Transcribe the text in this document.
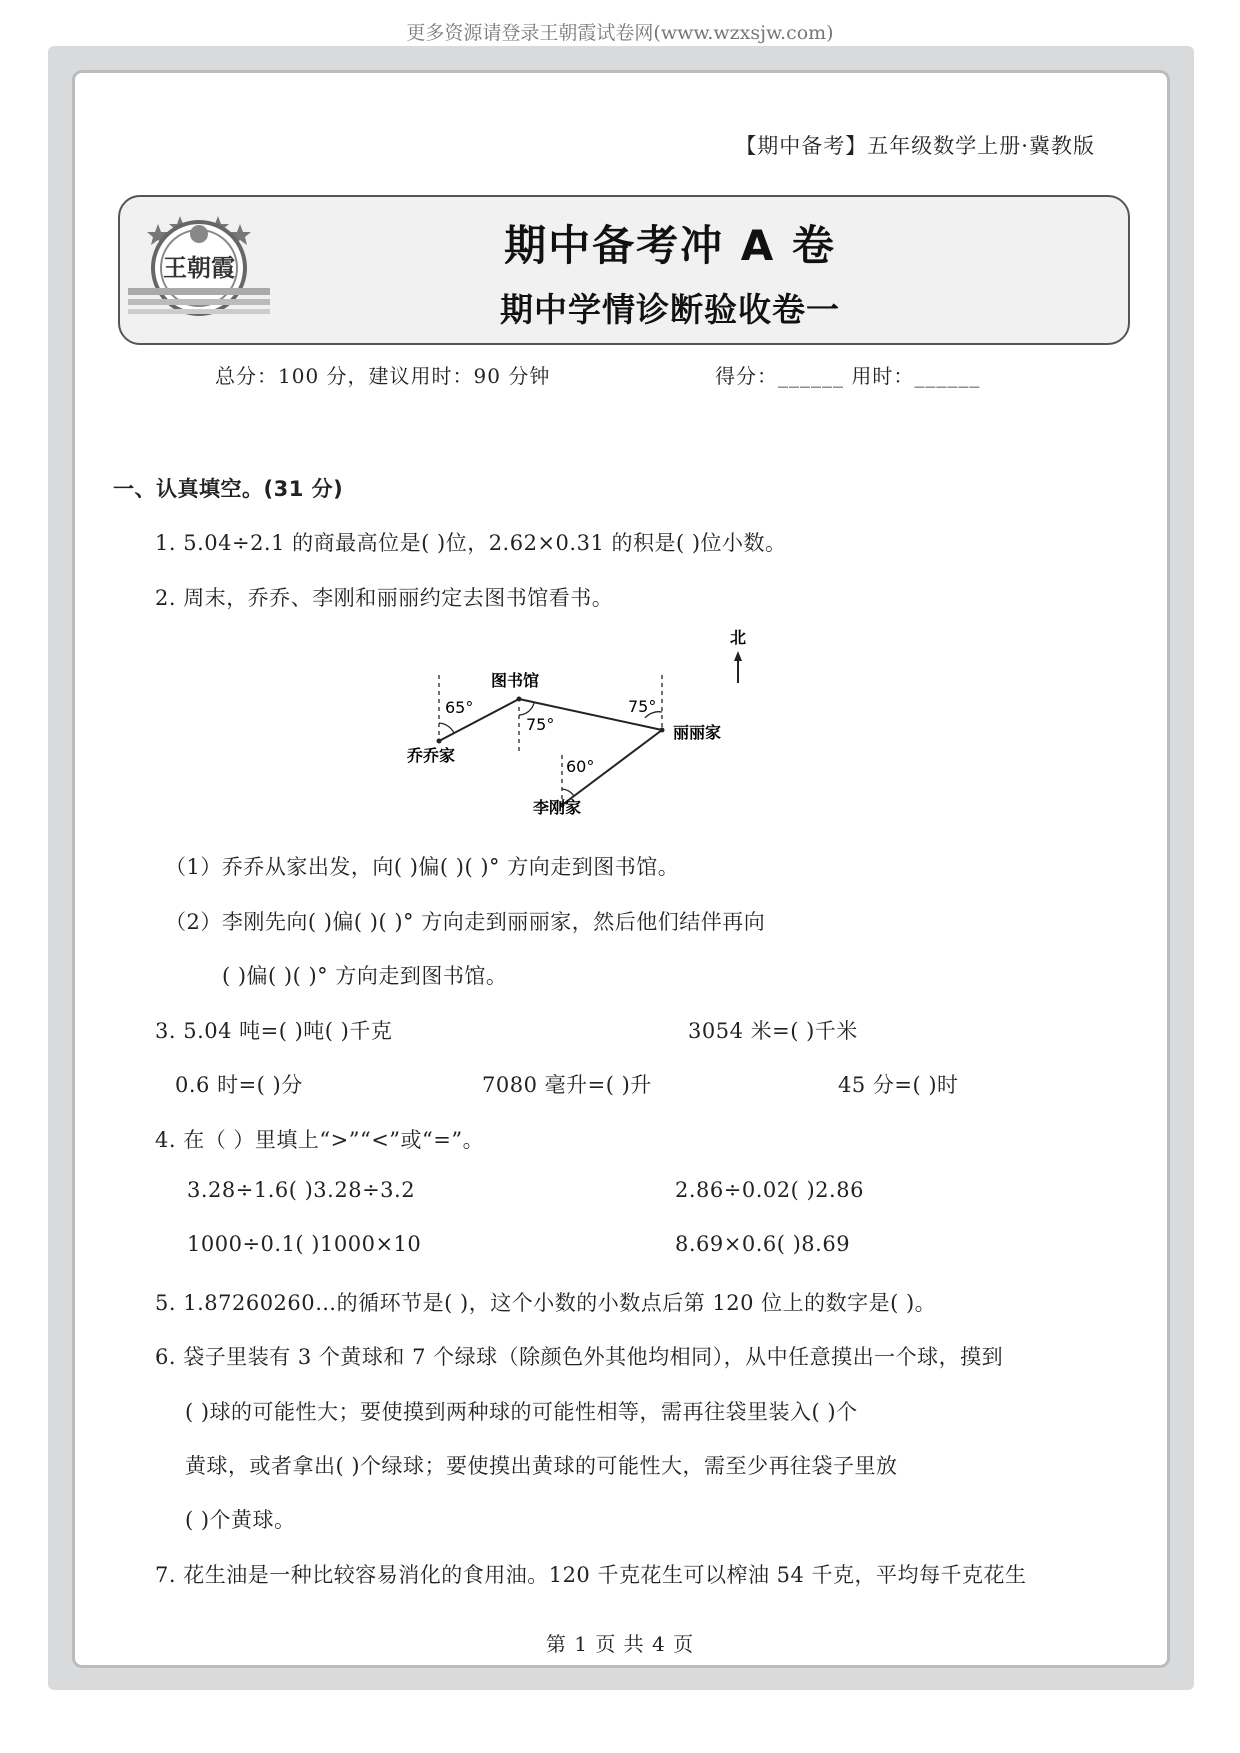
更多资源请登录王朝霞试卷网(www.wzxsjw.com)
【期中备考】五年级数学上册·冀教版
王朝霞	期中备考冲 A 卷
期中学情诊断验收卷一
总分：100 分，建议用时：90 分钟	得分：______ 用时：______
一、认真填空。(31 分)
1. 5.04÷2.1 的商最高位是( )位，2.62×0.31 的积是( )位小数。
2. 周末，乔乔、李刚和丽丽约定去图书馆看书。
北
65°
75°
75°
60°
图书馆
乔乔家
丽丽家
李刚家
（1）乔乔从家出发，向( )偏( )( )° 方向走到图书馆。
（2）李刚先向( )偏( )( )° 方向走到丽丽家，然后他们结伴再向
( )偏( )( )° 方向走到图书馆。
3. 5.04 吨=( )吨( )千克	3054 米=( )千米
0.6 时=( )分	7080 毫升=( )升	45 分=( )时
4. 在（ ）里填上“>”“<”或“=”。
3.28÷1.6( )3.28÷3.2	2.86÷0.02( )2.86
1000÷0.1( )1000×10	8.69×0.6( )8.69
5. 1.87260260…的循环节是( )，这个小数的小数点后第 120 位上的数字是( )。
6. 袋子里装有 3 个黄球和 7 个绿球（除颜色外其他均相同），从中任意摸出一个球，摸到
( )球的可能性大；要使摸到两种球的可能性相等，需再往袋里装入( )个
黄球，或者拿出( )个绿球；要使摸出黄球的可能性大，需至少再往袋子里放
( )个黄球。
7. 花生油是一种比较容易消化的食用油。120 千克花生可以榨油 54 千克，平均每千克花生
第 1 页 共 4 页
